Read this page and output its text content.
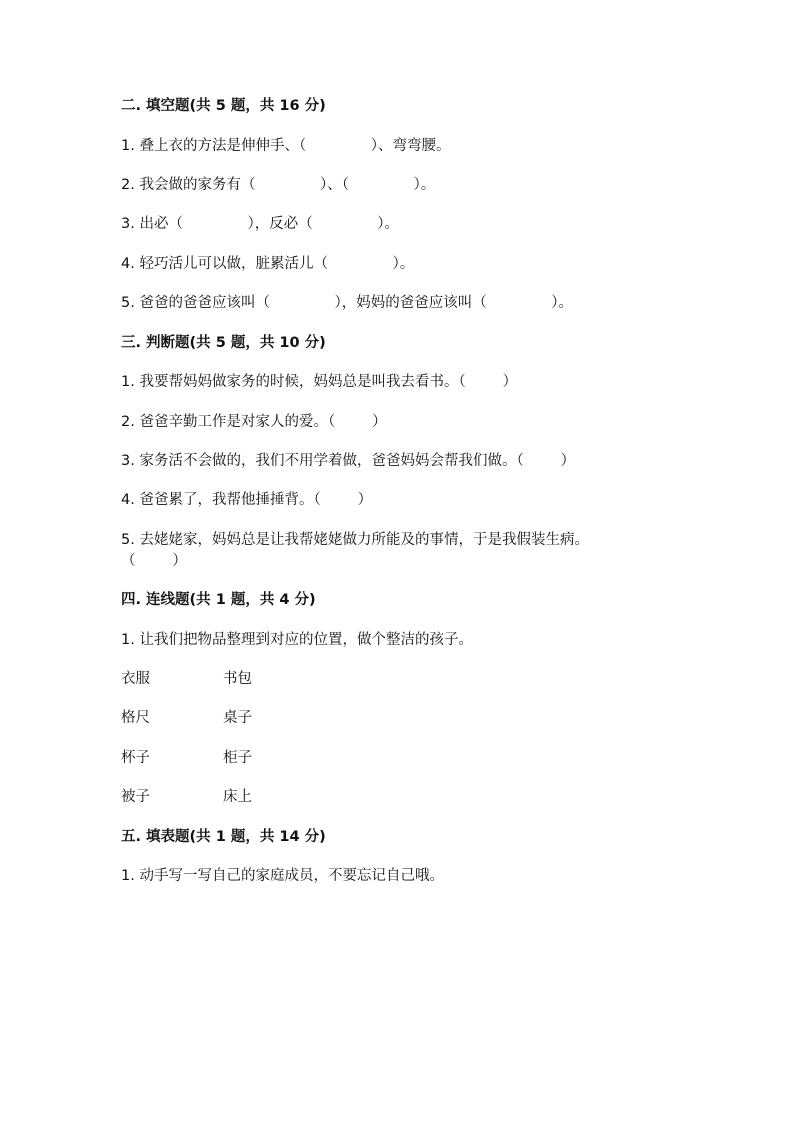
二. 填空题(共 5 题，共 16 分)
1. 叠上衣的方法是伸伸手、（              ）、弯弯腰。
2. 我会做的家务有（              ）、（              ）。
3. 出必（              ），反必（              ）。
4. 轻巧活儿可以做，脏累活儿（              ）。
5. 爸爸的爸爸应该叫（              ），妈妈的爸爸应该叫（              ）。
三. 判断题(共 5 题，共 10 分)
1. 我要帮妈妈做家务的时候，妈妈总是叫我去看书。（        ）
2. 爸爸辛勤工作是对家人的爱。（        ）
3. 家务活不会做的，我们不用学着做，爸爸妈妈会帮我们做。（        ）
4. 爸爸累了，我帮他捶捶背。（        ）
5. 去姥姥家，妈妈总是让我帮姥姥做力所能及的事情，于是我假装生病。
（        ）
四. 连线题(共 1 题，共 4 分)
1. 让我们把物品整理到对应的位置，做个整洁的孩子。
衣服	书包
格尺	桌子
杯子	柜子
被子	床上
五. 填表题(共 1 题，共 14 分)
1. 动手写一写自己的家庭成员，不要忘记自己哦。
